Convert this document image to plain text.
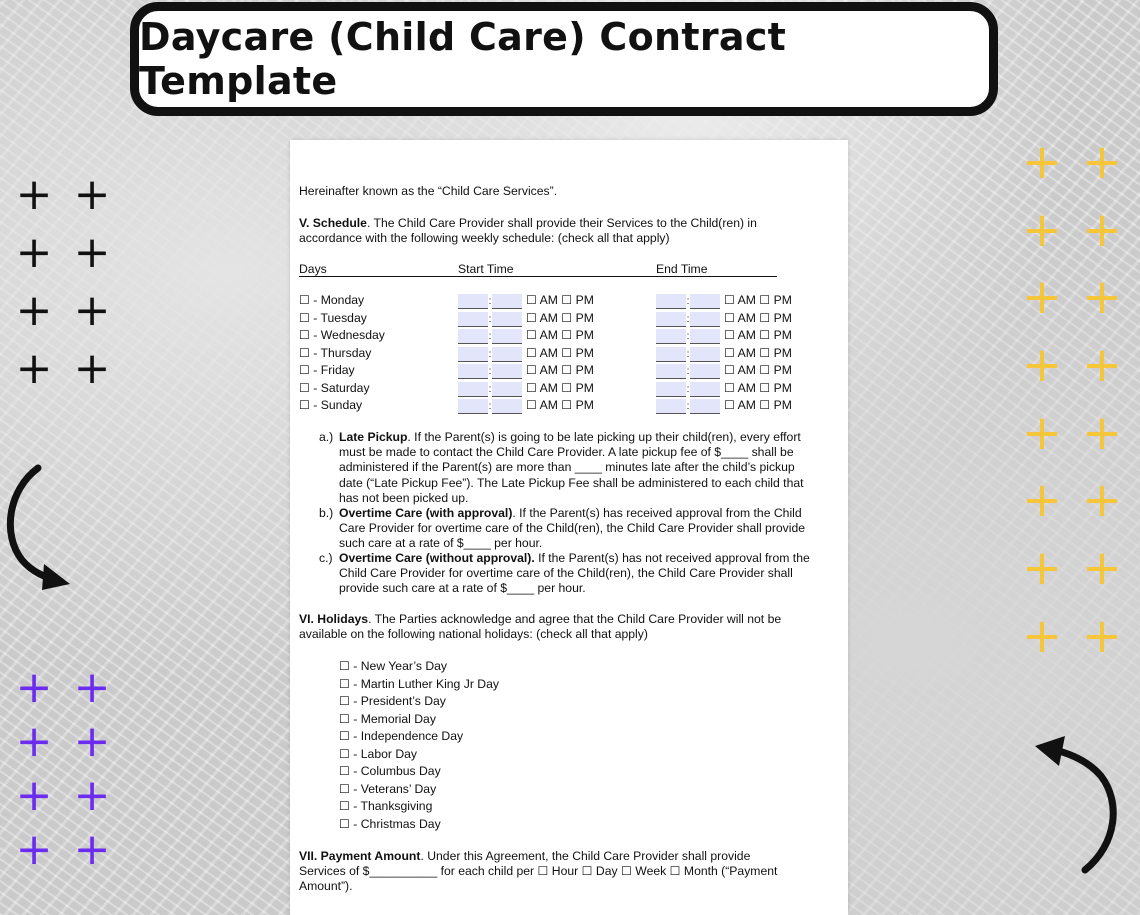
Daycare (Child Care) Contract Template
+ +
+ +
+ +
+ +
+ +
+ +
+ +
+ +
+ +
+ +
+ +
+ +
+ +
+ +
+ +
+ +
Hereinafter known as the “Child Care Services”.
V. Schedule. The Child Care Provider shall provide their Services to the Child(ren) in accordance with the following weekly schedule: (check all that apply)
Days	Start Time	End Time
☐ - Monday	:	☐ AM ☐ PM	:	☐ AM ☐ PM
☐ - Tuesday	:	☐ AM ☐ PM	:	☐ AM ☐ PM
☐ - Wednesday	:	☐ AM ☐ PM	:	☐ AM ☐ PM
☐ - Thursday	:	☐ AM ☐ PM	:	☐ AM ☐ PM
☐ - Friday	:	☐ AM ☐ PM	:	☐ AM ☐ PM
☐ - Saturday	:	☐ AM ☐ PM	:	☐ AM ☐ PM
☐ - Sunday	:	☐ AM ☐ PM	:	☐ AM ☐ PM
a.) Late Pickup. If the Parent(s) is going to be late picking up their child(ren), every effort must be made to contact the Child Care Provider. A late pickup fee of $____ shall be administered if the Parent(s) are more than ____ minutes late after the child’s pickup date (“Late Pickup Fee”). The Late Pickup Fee shall be administered to each child that has not been picked up.
b.) Overtime Care (with approval). If the Parent(s) has received approval from the Child Care Provider for overtime care of the Child(ren), the Child Care Provider shall provide such care at a rate of $____ per hour.
c.) Overtime Care (without approval). If the Parent(s) has not received approval from the Child Care Provider for overtime care of the Child(ren), the Child Care Provider shall provide such care at a rate of $____ per hour.
VI. Holidays. The Parties acknowledge and agree that the Child Care Provider will not be available on the following national holidays: (check all that apply)
☐ - New Year’s Day
☐ - Martin Luther King Jr Day
☐ - President’s Day
☐ - Memorial Day
☐ - Independence Day
☐ - Labor Day
☐ - Columbus Day
☐ - Veterans’ Day
☐ - Thanksgiving
☐ - Christmas Day
VII. Payment Amount. Under this Agreement, the Child Care Provider shall provide Services of $__________ for each child per ☐ Hour ☐ Day ☐ Week ☐ Month (“Payment Amount”).
